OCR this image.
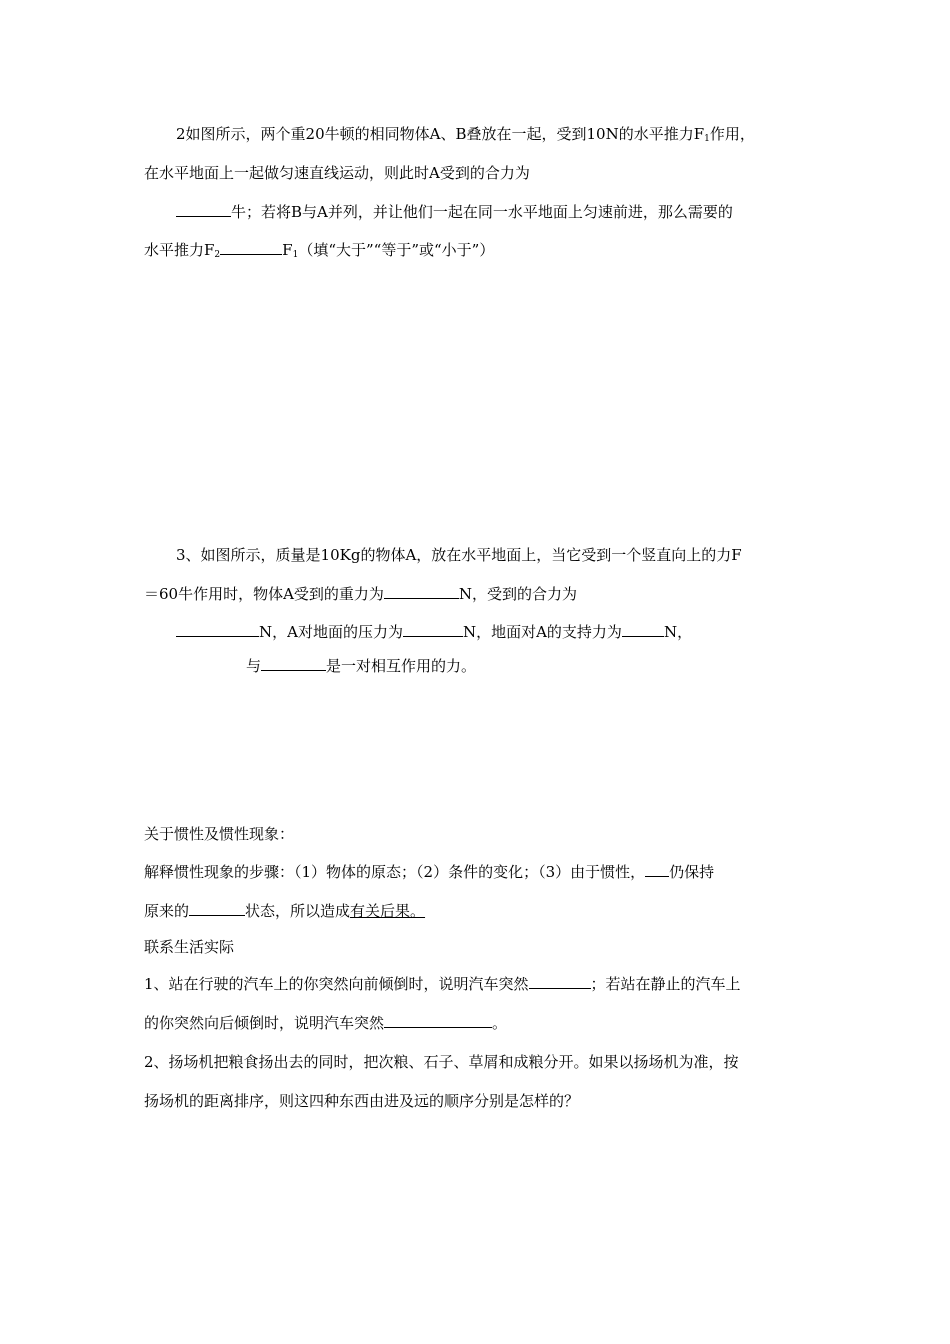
2如图所示，两个重20牛顿的相同物体A、B叠放在一起，受到10N的水平推力$F_1$作用，
在水平地面上一起做匀速直线运动，则此时A受到的合力为
牛；若将B与A并列，并让他们一起在同一水平地面上匀速前进，那么需要的
水平推力$F_2$	$F_1$（填“大于”“等于”或“小于”）
3、如图所示，质量是10Kg的物体A，放在水平地面上，当它受到一个竖直向上的力F
＝60牛作用时，物体A受到的重力为	N，受到的合力为
N，A对地面的压力为	N，地面对A的支持力为	N，
与	是一对相互作用的力。
关于惯性及惯性现象：
解释惯性现象的步骤：（1）物体的原态；（2）条件的变化；（3）由于惯性， 仍保持
原来的	状态，所以造成有关后果。
联系生活实际
1、站在行驶的汽车上的你突然向前倾倒时，说明汽车突然	；若站在静止的汽车上
的你突然向后倾倒时，说明汽车突然	。
2、扬场机把粮食扬出去的同时，把次粮、石子、草屑和成粮分开。如果以扬场机为准，按
扬场机的距离排序，则这四种东西由进及远的顺序分别是怎样的？
